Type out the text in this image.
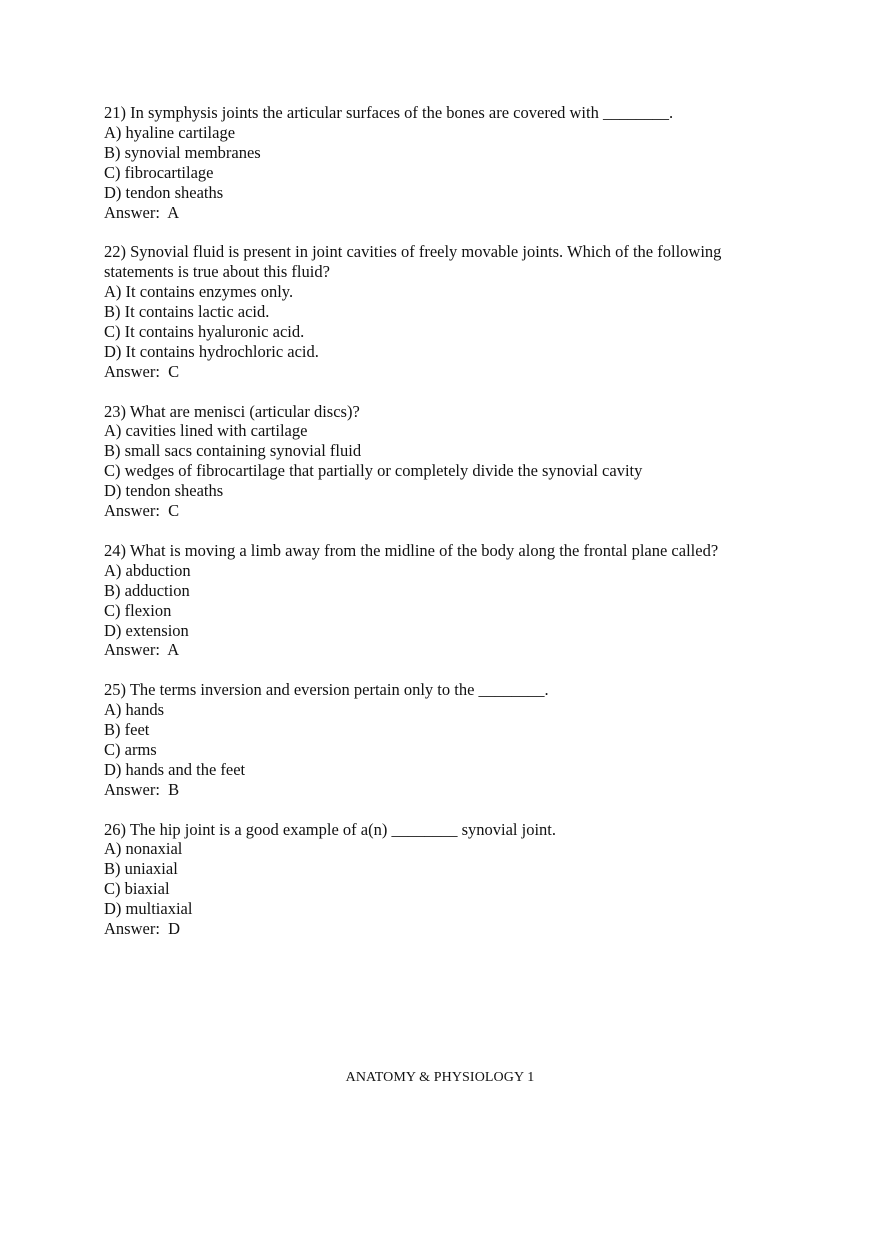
21) In symphysis joints the articular surfaces of the bones are covered with ________.
A) hyaline cartilage
B) synovial membranes
C) fibrocartilage
D) tendon sheaths
Answer:  A
22) Synovial fluid is present in joint cavities of freely movable joints. Which of the following
statements is true about this fluid?
A) It contains enzymes only.
B) It contains lactic acid.
C) It contains hyaluronic acid.
D) It contains hydrochloric acid.
Answer:  C
23) What are menisci (articular discs)?
A) cavities lined with cartilage
B) small sacs containing synovial fluid
C) wedges of fibrocartilage that partially or completely divide the synovial cavity
D) tendon sheaths
Answer:  C
24) What is moving a limb away from the midline of the body along the frontal plane called?
A) abduction
B) adduction
C) flexion
D) extension
Answer:  A
25) The terms inversion and eversion pertain only to the ________.
A) hands
B) feet
C) arms
D) hands and the feet
Answer:  B
26) The hip joint is a good example of a(n) ________ synovial joint.
A) nonaxial
B) uniaxial
C) biaxial
D) multiaxial
Answer:  D
ANATOMY & PHYSIOLOGY 1
